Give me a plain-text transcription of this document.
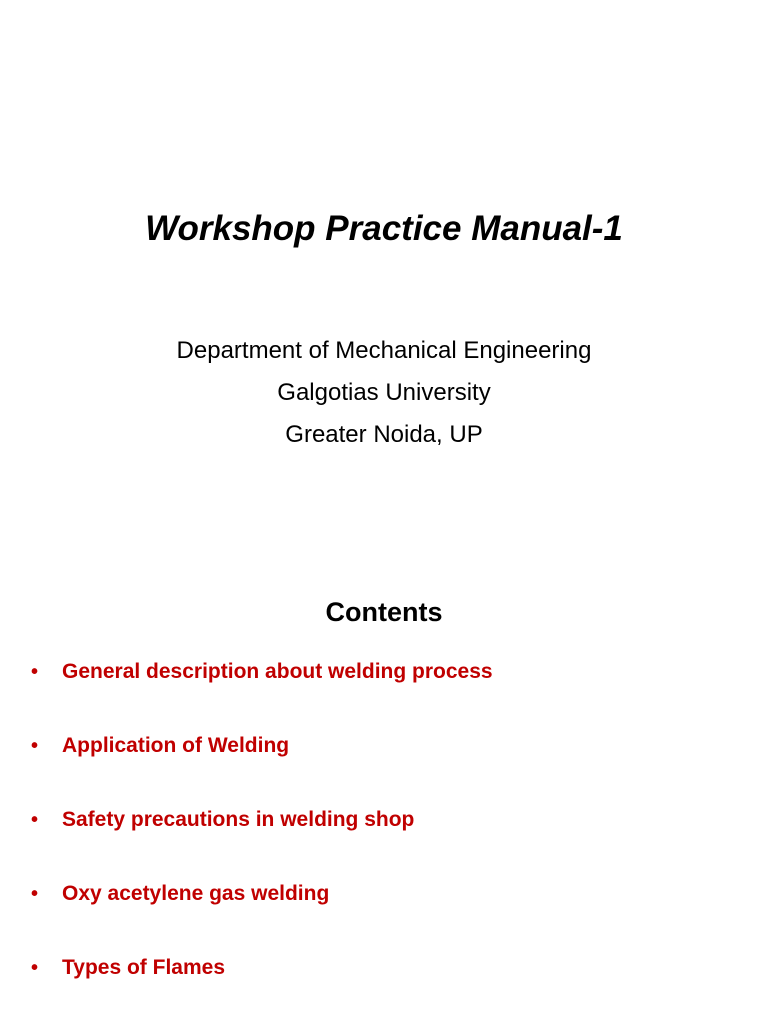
Workshop Practice Manual-1
Department of Mechanical Engineering
Galgotias University
Greater Noida, UP
Contents
• General description about welding process
• Application of Welding
• Safety precautions in welding shop
• Oxy acetylene gas welding
• Types of Flames
